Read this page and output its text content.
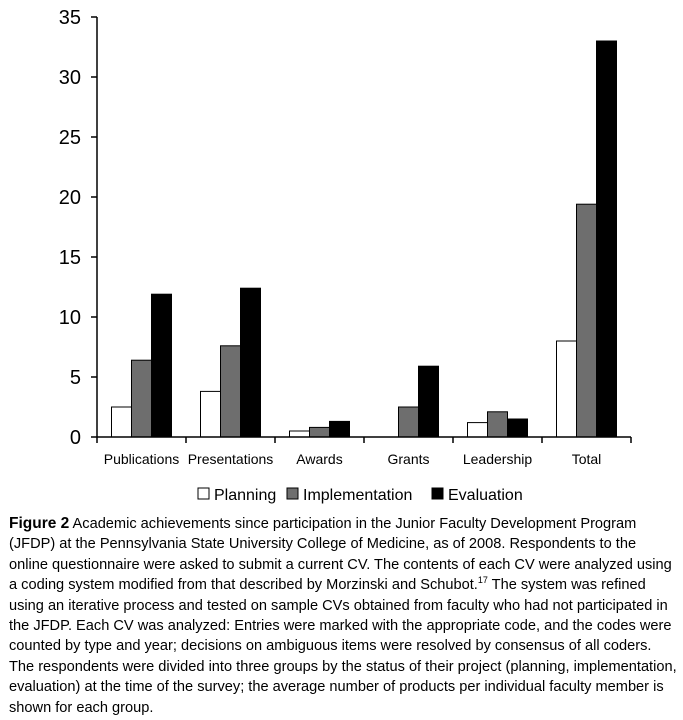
0
5
10
15
20
25
30
35
Publications Presentations Awards	Grants Leadership	Total
Planning Implementation Evaluation
Figure 2 Academic achievements since participation in the Junior Faculty Development Program (JFDP) at the Pennsylvania State University College of Medicine, as of 2008. Respondents to the online questionnaire were asked to submit a current CV. The contents of each CV were analyzed using a coding system modified from that described by Morzinski and Schubot.$^{17}$ The system was refined using an iterative process and tested on sample CVs obtained from faculty who had not participated in the JFDP. Each CV was analyzed: Entries were marked with the appropriate code, and the codes were counted by type and year; decisions on ambiguous items were resolved by consensus of all coders. The respondents were divided into three groups by the status of their project (planning, implementation, evaluation) at the time of the survey; the average number of products per individual faculty member is shown for each group.
